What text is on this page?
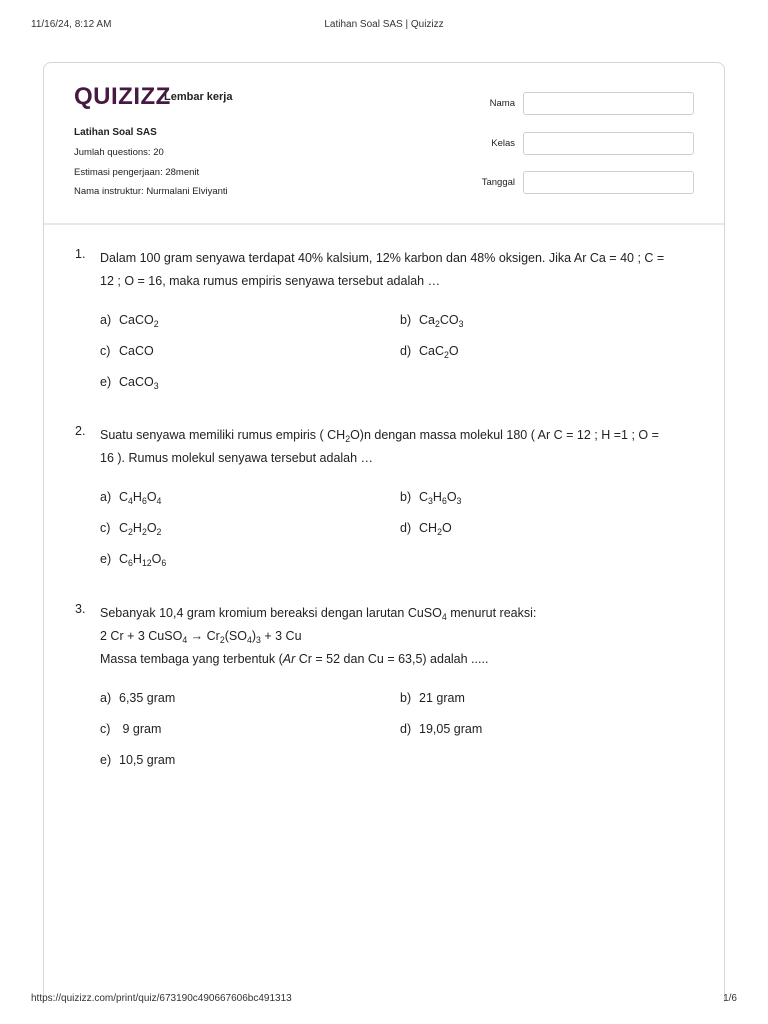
11/16/24, 8:12 AM	Latihan Soal SAS | Quizizz
QUIZIZZ
Lembar kerja
Latihan Soal SAS
Jumlah questions: 20
Estimasi pengerjaan: 28menit
Nama instruktur: Nurmalani Elviyanti
Nama
Kelas
Tanggal
1. Dalam 100 gram senyawa terdapat 40% kalsium, 12% karbon dan 48% oksigen. Jika Ar Ca = 40 ; C =
12 ; O = 16, maka rumus empiris senyawa tersebut adalah …
a) CaCO$_2$	b) $Ca_2CO_3$
c) CaCO	d) CaC$_2$O
e) CaCO$_3$
2. Suatu senyawa memiliki rumus empiris ( $CH_2O)n$ dengan massa molekul 180 ( Ar C = 12 ; H =1 ; O =
16 ). Rumus molekul senyawa tersebut adalah …
a) $C_4H_6O_4$	b) $C_3H_6O_3$
c) $C_2H_2O_2$	d) $CH_2O$
e) $C_6H_{12}O_6$
3. Sebanyak 10,4 gram kromium bereaksi dengan larutan CuSO$_4$ menurut reaksi:
2 Cr + 3 CuSO$_4$ → $Cr_2(SO_4)_3 + 3$ Cu
Massa tembaga yang terbentuk (Ar Cr = 52 dan Cu = 63,5) adalah .....
a) 6,35 gram	b) 21 gram
c) 9 gram	d) 19,05 gram
e) 10,5 gram
https://quizizz.com/print/quiz/673190c490667606bc491313	1/6
